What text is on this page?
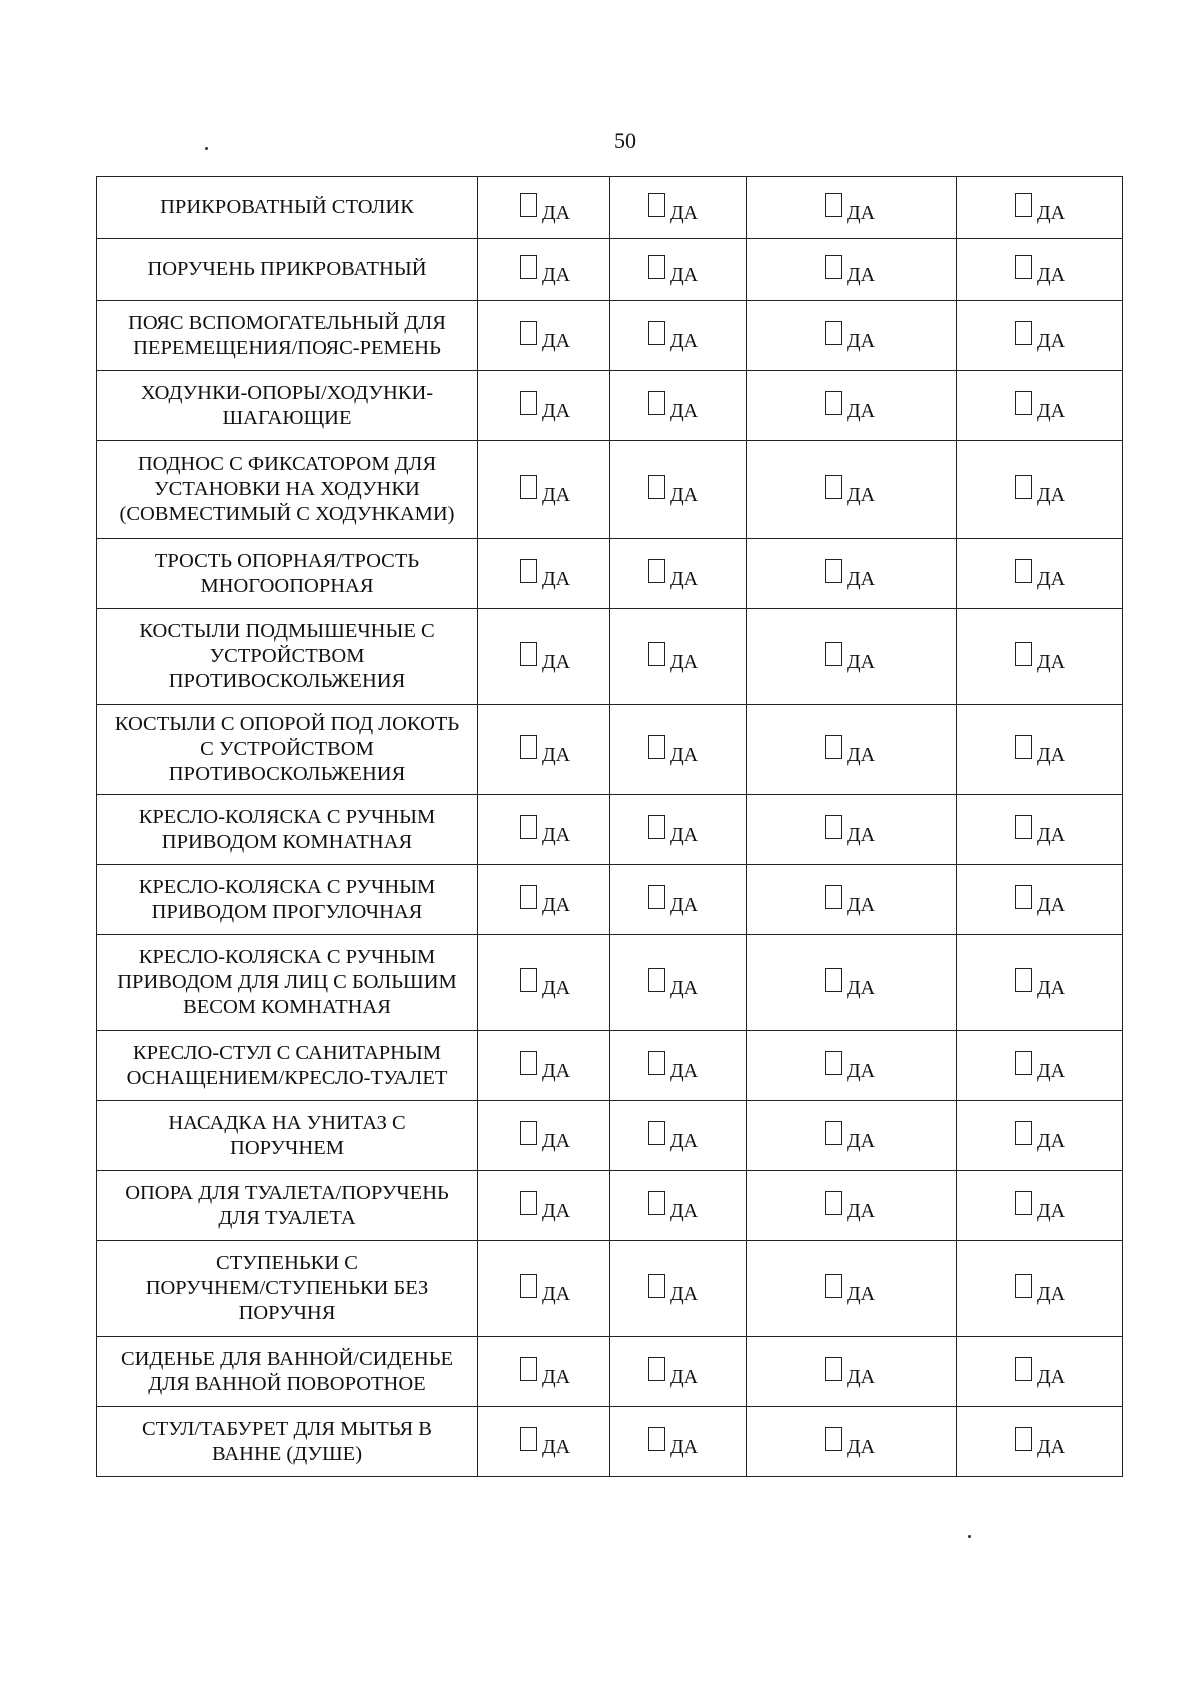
50
ПРИКРОВАТНЫЙ СТОЛИК	ДА	ДА	ДА	ДА

ПОРУЧЕНЬ ПРИКРОВАТНЫЙ	ДА	ДА	ДА	ДА

ПОЯС ВСПОМОГАТЕЛЬНЫЙ ДЛЯ
ПЕРЕМЕЩЕНИЯ/ПОЯС-РЕМЕНЬ	ДА	ДА	ДА	ДА

ХОДУНКИ-ОПОРЫ/ХОДУНКИ-
ШАГАЮЩИЕ	ДА	ДА	ДА	ДА

ПОДНОС С ФИКСАТОРОМ ДЛЯ
УСТАНОВКИ НА ХОДУНКИ
(СОВМЕСТИМЫЙ С ХОДУНКАМИ)	ДА	ДА	ДА	ДА

ТРОСТЬ ОПОРНАЯ/ТРОСТЬ
МНОГООПОРНАЯ	ДА	ДА	ДА	ДА

КОСТЫЛИ ПОДМЫШЕЧНЫЕ С
УСТРОЙСТВОМ
ПРОТИВОСКОЛЬЖЕНИЯ	ДА	ДА	ДА	ДА

КОСТЫЛИ С ОПОРОЙ ПОД ЛОКОТЬ
С УСТРОЙСТВОМ
ПРОТИВОСКОЛЬЖЕНИЯ	ДА	ДА	ДА	ДА

КРЕСЛО-КОЛЯСКА С РУЧНЫМ
ПРИВОДОМ КОМНАТНАЯ	ДА	ДА	ДА	ДА

КРЕСЛО-КОЛЯСКА С РУЧНЫМ
ПРИВОДОМ ПРОГУЛОЧНАЯ	ДА	ДА	ДА	ДА

КРЕСЛО-КОЛЯСКА С РУЧНЫМ
ПРИВОДОМ ДЛЯ ЛИЦ С БОЛЬШИМ
ВЕСОМ КОМНАТНАЯ	ДА	ДА	ДА	ДА

КРЕСЛО-СТУЛ С САНИТАРНЫМ
ОСНАЩЕНИЕМ/КРЕСЛО-ТУАЛЕТ	ДА	ДА	ДА	ДА

НАСАДКА НА УНИТАЗ С
ПОРУЧНЕМ	ДА	ДА	ДА	ДА

ОПОРА ДЛЯ ТУАЛЕТА/ПОРУЧЕНЬ
ДЛЯ ТУАЛЕТА	ДА	ДА	ДА	ДА

СТУПЕНЬКИ С
ПОРУЧНЕМ/СТУПЕНЬКИ БЕЗ
ПОРУЧНЯ	ДА	ДА	ДА	ДА

СИДЕНЬЕ ДЛЯ ВАННОЙ/СИДЕНЬЕ
ДЛЯ ВАННОЙ ПОВОРОТНОЕ	ДА	ДА	ДА	ДА

СТУЛ/ТАБУРЕТ ДЛЯ МЫТЬЯ В
ВАННЕ (ДУШЕ)	ДА	ДА	ДА	ДА
